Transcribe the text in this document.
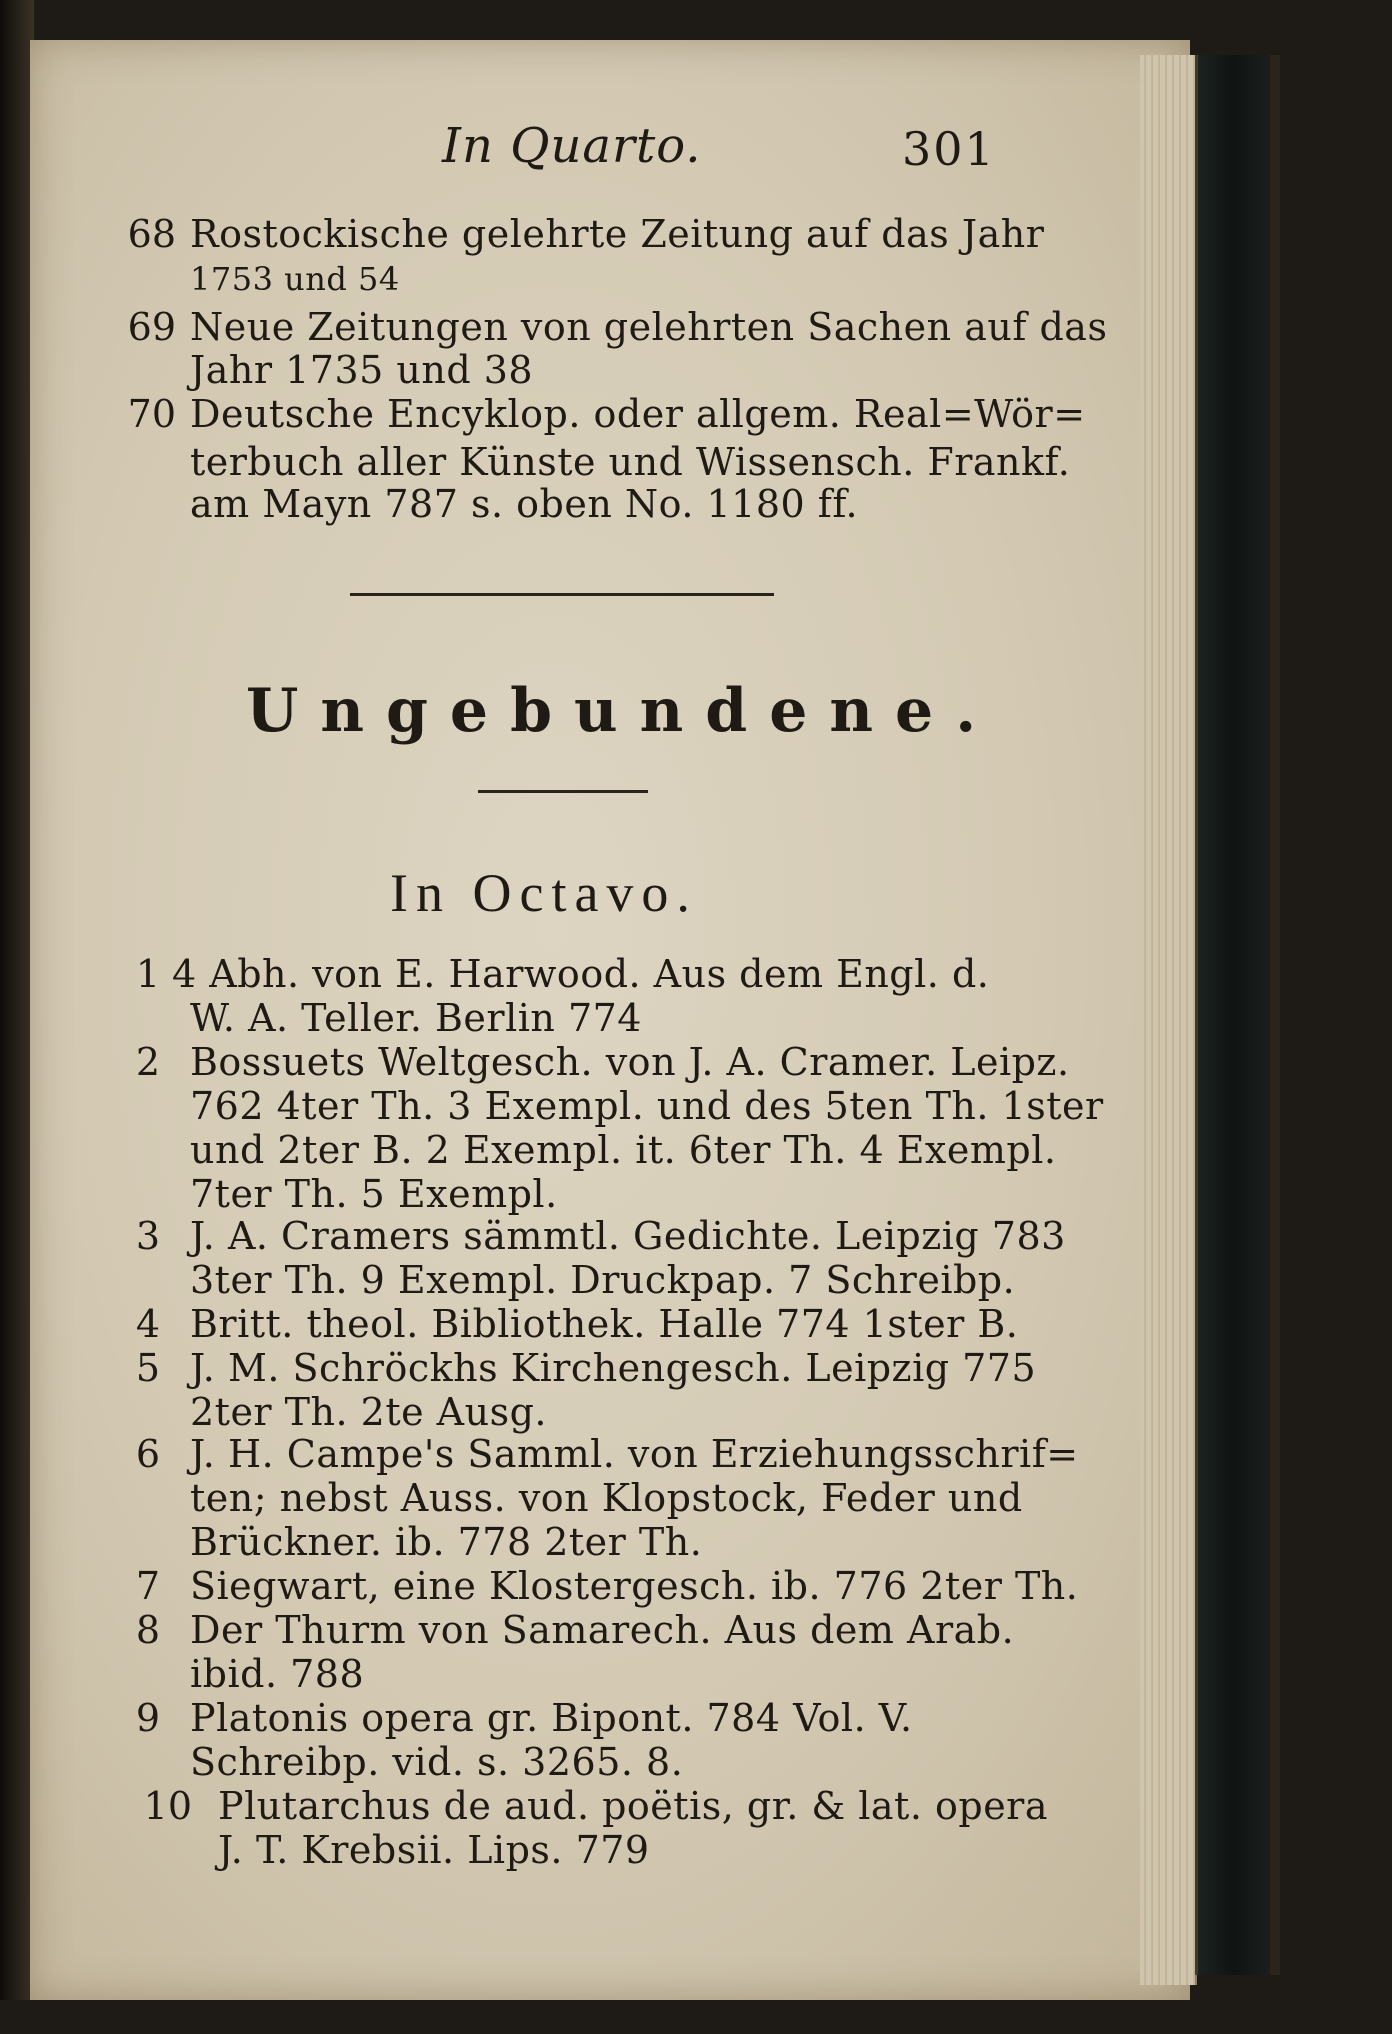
In Quarto.	301
68 Rostockische gelehrte Zeitung auf das Jahr
1753 und 54
69 Neue Zeitungen von gelehrten Sachen auf das
Jahr 1735 und 38
70 Deutsche Encyklop. oder allgem. Real=Wör=
terbuch aller Künste und Wissensch. Frankf.
am Mayn 787 s. oben No. 1180 ff.
Ungebundene.
In Octavo.
1 4 Abh. von E. Harwood. Aus dem Engl. d.
W. A. Teller. Berlin 774
2 Bossuets Weltgesch. von J. A. Cramer. Leipz.
762 4ter Th. 3 Exempl. und des 5ten Th. 1ster
und 2ter B. 2 Exempl. it. 6ter Th. 4 Exempl.
7ter Th. 5 Exempl.
3 J. A. Cramers sämmtl. Gedichte. Leipzig 783
3ter Th. 9 Exempl. Druckpap. 7 Schreibp.
4 Britt. theol. Bibliothek. Halle 774 1ster B.
5 J. M. Schröckhs Kirchengesch. Leipzig 775
2ter Th. 2te Ausg.
6 J. H. Campe's Samml. von Erziehungsschrif=
ten; nebst Auss. von Klopstock, Feder und
Brückner. ib. 778 2ter Th.
7 Siegwart, eine Klostergesch. ib. 776 2ter Th.
8 Der Thurm von Samarech. Aus dem Arab.
ibid. 788
9 Platonis opera gr. Bipont. 784 Vol. V.
Schreibp. vid. s. 3265. 8.
10 Plutarchus de aud. poëtis, gr. & lat. opera
J. T. Krebsii. Lips. 779
